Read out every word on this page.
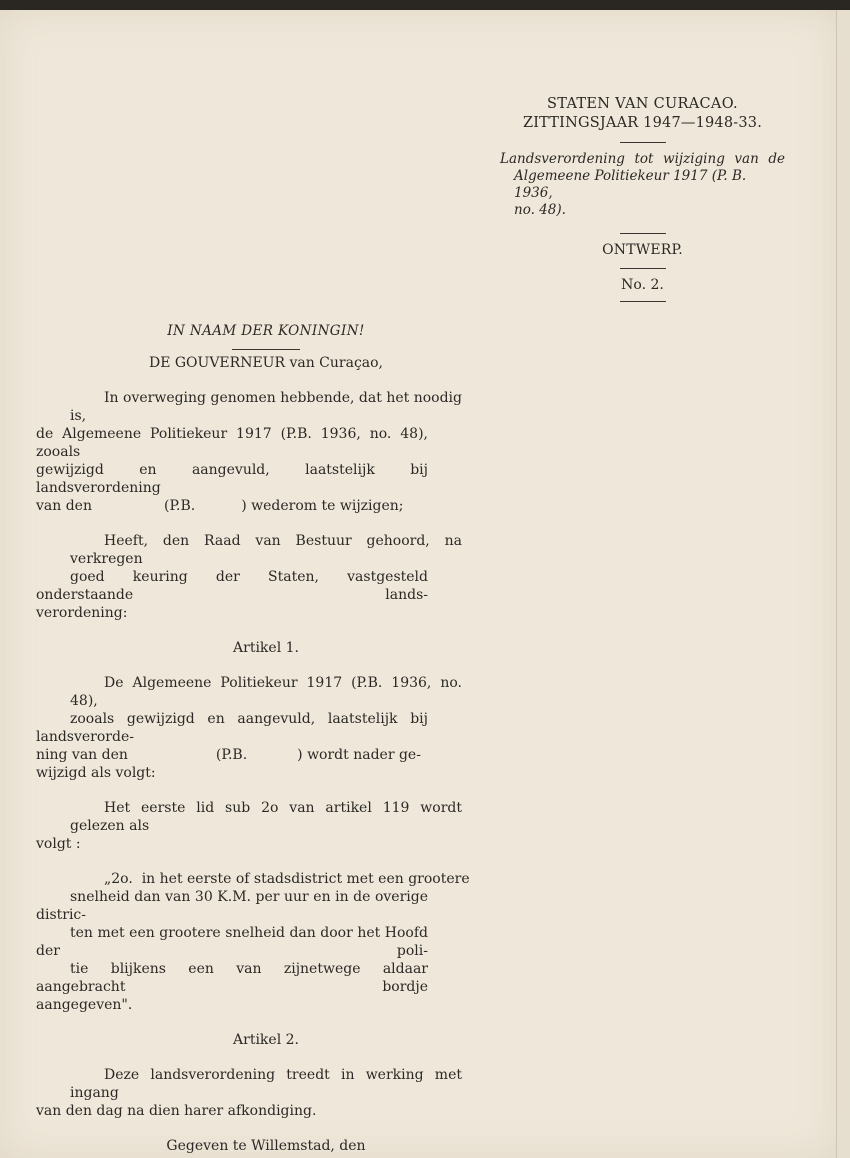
STATEN VAN CURACAO.
ZITTINGSJAAR 1947—1948-33.
Landsverordening tot wijziging van de
Algemeene Politiekeur 1917 (P. B. 1936,
no. 48).
ONTWERP.
No. 2.
IN NAAM DER KONINGIN!
DE GOUVERNEUR van Curaçao,

In overweging genomen hebbende, dat het noodig is,
de Algemeene Politiekeur 1917 (P.B. 1936, no. 48), zooals
gewijzigd en aangevuld, laatstelijk bij landsverordening
van den	(P.B.	) wederom te wijzigen;

Heeft, den Raad van Bestuur gehoord, na verkregen
goed keuring der Staten, vastgesteld onderstaande lands-
verordening:

Artikel 1.

De Algemeene Politiekeur 1917 (P.B. 1936, no. 48),
zooals gewijzigd en aangevuld, laatstelijk bij landsverorde-
ning van den	(P.B.	) wordt nader ge-
wijzigd als volgt:

Het eerste lid sub 2o van artikel 119 wordt gelezen als
volgt :

„2o.  in het eerste of stadsdistrict met een grootere
snelheid dan van 30 K.M. per uur en in de overige distric-
ten met een grootere snelheid dan door het Hoofd der poli-
tie blijkens een van zijnetwege aldaar aangebracht bordje
aangegeven".

Artikel 2.

Deze landsverordening treedt in werking met ingang
van den dag na dien harer afkondiging.

Gegeven te Willemstad, den
